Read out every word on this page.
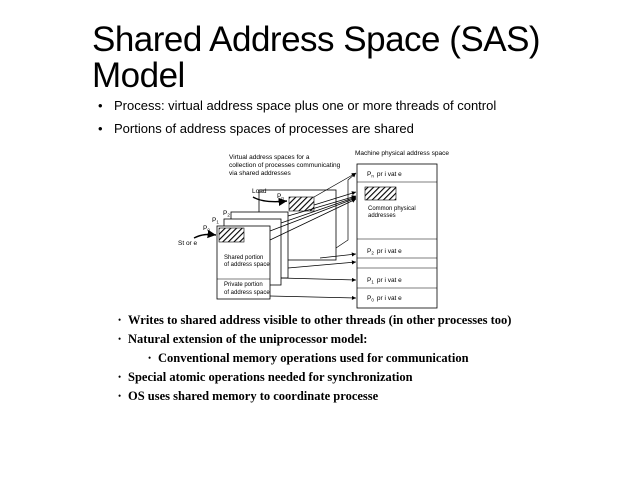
Shared Address Space (SAS)
Model
• Process: virtual address space plus one or more threads of control
• Portions of address spaces of processes are shared
Virtual address spaces for a
collection of processes communicating
via shared addresses
$P_n$
$P_2$
$P_1$
$P_0$
Load
St or e
Shared portion
of address space
Private portion
of address space
Machine physical address space
$P_n$ pr i vat e
Common physical
addresses
$P_2$ pr i vat e
$P_1$ pr i vat e
$P_0$ pr i vat e
• Writes to shared address visible to other threads (in other processes too)
• Natural extension of the uniprocessor model:
• Conventional memory operations used for communication
• Special atomic operations needed for synchronization
• OS uses shared memory to coordinate processe
